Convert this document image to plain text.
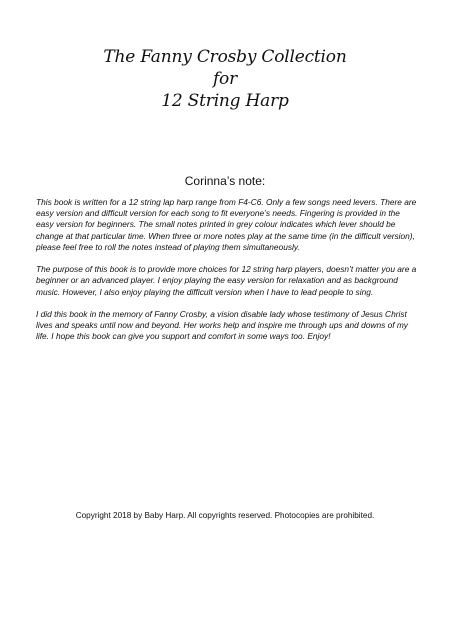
The Fanny Crosby Collection
for
12 String Harp
Corinna’s note:

This book is written for a 12 string lap harp range from F4-C6. Only a few songs need levers. There are easy version and difficult version for each song to fit everyone’s needs. Fingering is provided in the easy version for beginners. The small notes printed in grey colour indicates which lever should be change at that particular time. When three or more notes play at the same time (in the difficult version), please feel free to roll the notes instead of playing them simultaneously.

The purpose of this book is to provide more choices for 12 string harp players, doesn’t matter you are a beginner or an advanced player. I enjoy playing the easy version for relaxation and as background music. However, I also enjoy playing the difficult version when I have to lead people to sing.

I did this book in the memory of Fanny Crosby, a vision disable lady whose testimony of Jesus Christ lives and speaks until now and beyond. Her works help and inspire me through ups and downs of my life. I hope this book can give you support and comfort in some ways too. Enjoy!

Copyright 2018 by Baby Harp. All copyrights reserved. Photocopies are prohibited.
